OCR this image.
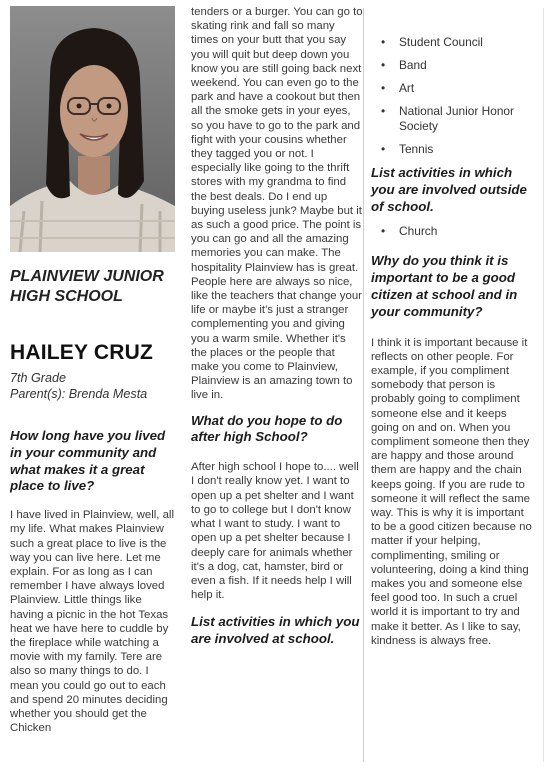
PLAINVIEW JUNIOR HIGH SCHOOL
HAILEY CRUZ
7th Grade
Parent(s): Brenda Mesta

How long have you lived in your community and what makes it a great place to live?

I have lived in Plainview, well, all my life. What makes Plainview such a great place to live is the way you can live here. Let me explain. For as long as I can remember I have always loved Plainview. Little things like having a picnic in the hot Texas heat we have here to cuddle by the fireplace while watching a movie with my family. Tere are also so many things to do. I mean you could go out to each and spend 20 minutes deciding whether you should get the Chicken

tenders or a burger. You can go to skating rink and fall so many times on your butt that you say you will quit but deep down you know you are still going back next weekend. You can even go to the park and have a cookout but then all the smoke gets in your eyes, so you have to go to the park and fight with your cousins whether they tagged you or not. I especially like going to the thrift stores with my grandma to find the best deals. Do I end up buying useless junk? Maybe but it as such a good price. The point is you can go and all the amazing memories you can make. The hospitality Plainview has is great. People here are always so nice, like the teachers that change your life or maybe it's just a stranger complementing you and giving you a warm smile. Whether it's the places or the people that make you come to Plainview, Plainview is an amazing town to live in.

What do you hope to do after high School?

After high school I hope to.... well I don't really know yet. I want to open up a pet shelter and I want to go to college but I don't know what I want to study. I want to open up a pet shelter because I deeply care for animals whether it's a dog, cat, hamster, bird or even a fish. If it needs help I will help it.

List activities in which you are involved at school.

• Student Council
• Band
• Art
• National Junior Honor Society
• Tennis

List activities in which you are involved outside of school.

• Church

Why do you think it is important to be a good citizen at school and in your community?

I think it is important because it reflects on other people. For example, if you compliment somebody that person is probably going to compliment someone else and it keeps going on and on. When you compliment someone then they are happy and those around them are happy and the chain keeps going. If you are rude to someone it will reflect the same way. This is why it is important to be a good citizen because no matter if your helping, complimenting, smiling or volunteering, doing a kind thing makes you and someone else feel good too. In such a cruel world it is important to try and make it better. As I like to say, kindness is always free.
